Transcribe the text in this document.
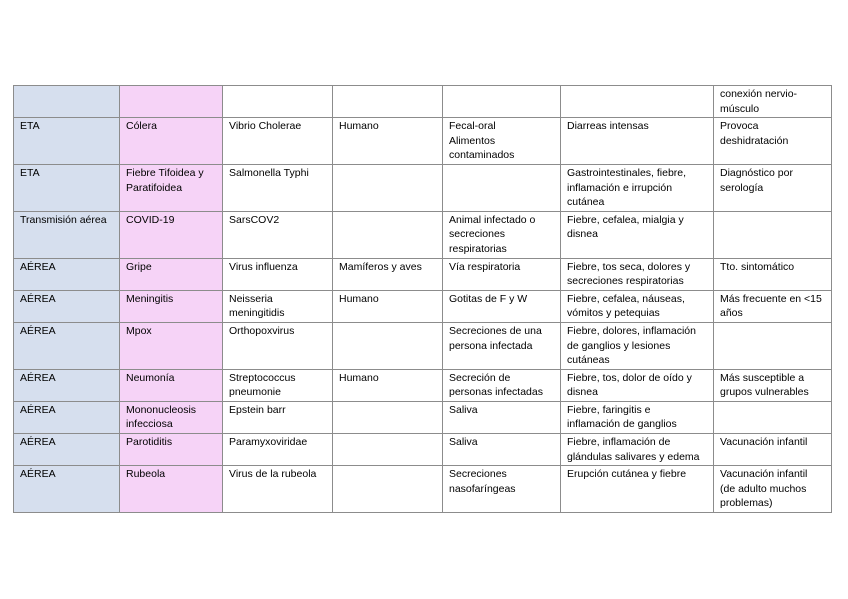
						conexión nervio-
músculo

ETA	Cólera	Vibrio Cholerae	Humano	Fecal-oral
Alimentos
contaminados	Diarreas intensas	Provoca
deshidratación

ETA	Fiebre Tifoidea y
Paratifoidea	Salmonella Typhi			Gastrointestinales, fiebre,
inflamación e irrupción
cutánea	Diagnóstico por
serología

Transmisión aérea	COVID-19	SarsCOV2		Animal infectado o
secreciones
respiratorias	Fiebre, cefalea, mialgia y
disnea	

AÉREA	Gripe	Virus influenza	Mamíferos y aves	Vía respiratoria	Fiebre, tos seca, dolores y
secreciones respiratorias	Tto. sintomático

AÉREA	Meningitis	Neisseria
meningitidis	Humano	Gotitas de F y W	Fiebre, cefalea, náuseas,
vómitos y petequias	Más frecuente en <15
años

AÉREA	Mpox	Orthopoxvirus		Secreciones de una
persona infectada	Fiebre, dolores, inflamación
de ganglios y lesiones
cutáneas	

AÉREA	Neumonía	Streptococcus
pneumonie	Humano	Secreción de
personas infectadas	Fiebre, tos, dolor de oído y
disnea	Más susceptible a
grupos vulnerables

AÉREA	Mononucleosis
infecciosa	Epstein barr		Saliva	Fiebre, faringitis e
inflamación de ganglios	

AÉREA	Parotiditis	Paramyxoviridae		Saliva	Fiebre, inflamación de
glándulas salivares y edema	Vacunación infantil

AÉREA	Rubeola	Virus de la rubeola		Secreciones
nasofaríngeas	Erupción cutánea y fiebre	Vacunación infantil
(de adulto muchos
problemas)
